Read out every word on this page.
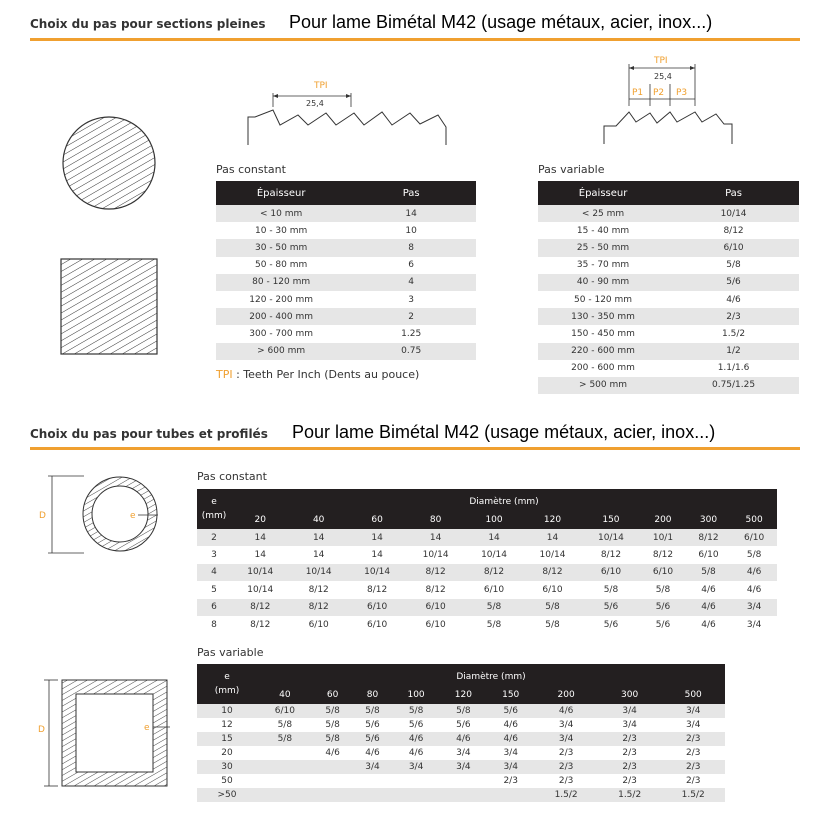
Choix du pas pour sections pleines Pour lame Bimétal M42 (usage métaux, acier, inox...)
TPI
25,4
TPI
25,4
P1 P2 P3
Pas constant
Épaisseur	Pas
< 10 mm	14
10 - 30 mm	10
30 - 50 mm	8
50 - 80 mm	6
80 - 120 mm	4
120 - 200 mm	3
200 - 400 mm	2
300 - 700 mm	1.25
> 600 mm	0.75
TPI : Teeth Per Inch (Dents au pouce)
Pas variable
Épaisseur	Pas
< 25 mm	10/14
15 - 40 mm	8/12
25 - 50 mm	6/10
35 - 70 mm	5/8
40 - 90 mm	5/6
50 - 120 mm	4/6
130 - 350 mm	2/3
150 - 450 mm	1.5/2
220 - 600 mm	1/2
200 - 600 mm	1.1/1.6
> 500 mm	0.75/1.25
Choix du pas pour tubes et profilés Pour lame Bimétal M42 (usage métaux, acier, inox...)
D	e
D	e
Pas constant
e
(mm)	Diamètre (mm)									
	20	40	60	80	100	120	150	200	300	500
2	14	14	14	14	14	14	10/14	10/1	8/12	6/10
3	14	14	14	10/14	10/14	10/14	8/12	8/12	6/10	5/8
4	10/14	10/14	10/14	8/12	8/12	8/12	6/10	6/10	5/8	4/6
5	10/14	8/12	8/12	8/12	6/10	6/10	5/8	5/8	4/6	4/6
6	8/12	8/12	6/10	6/10	5/8	5/8	5/6	5/6	4/6	3/4
8	8/12	6/10	6/10	6/10	5/8	5/8	5/6	5/6	4/6	3/4
Pas variable
e
(mm)	Diamètre (mm)								
	40	60	80	100	120	150	200	300	500
10	6/10	5/8	5/8	5/8	5/8	5/6	4/6	3/4	3/4
12	5/8	5/8	5/6	5/6	5/6	4/6	3/4	3/4	3/4
15	5/8	5/8	5/6	4/6	4/6	4/6	3/4	2/3	2/3
20		4/6	4/6	4/6	3/4	3/4	2/3	2/3	2/3
30			3/4	3/4	3/4	3/4	2/3	2/3	2/3
50						2/3	2/3	2/3	2/3
>50							1.5/2	1.5/2	1.5/2
